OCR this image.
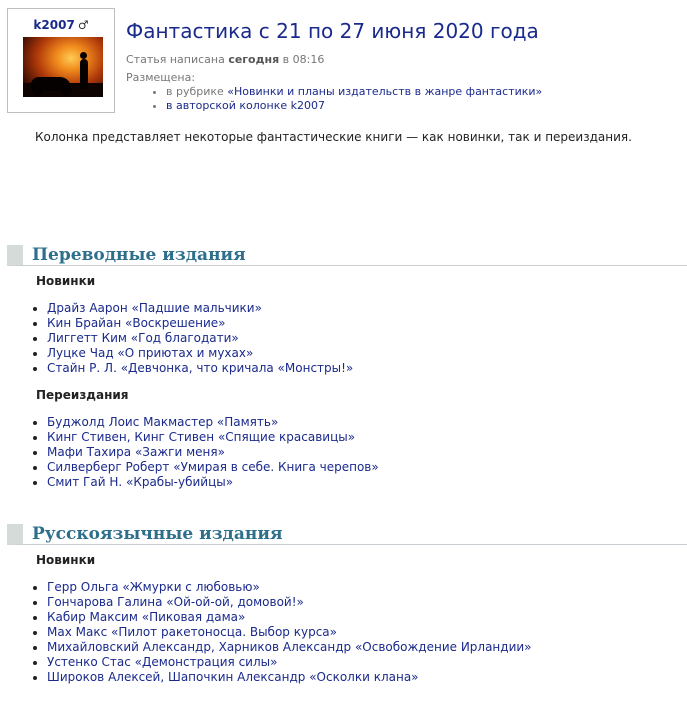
k2007 ♂	Фантастика с 21 по 27 июня 2020 года
Статья написана сегодня в 08:16
Размещена:
• в рубрике «Новинки и планы издательств в жанре фантастики»
• в авторской колонке k2007

Колонка представляет некоторые фантастические книги — как новинки, так и переиздания.

Переводные издания

Новинки

• Драйз Аарон «Падшие мальчики»
• Кин Брайан «Воскрешение»
• Лиггетт Ким «Год благодати»
• Луцке Чад «О приютах и мухах»
• Стайн Р. Л. «Девчонка, что кричала «Монстры!»

Переиздания

• Буджолд Лоис Макмастер «Память»
• Кинг Стивен, Кинг Стивен «Спящие красавицы»
• Мафи Тахира «Зажги меня»
• Силверберг Роберт «Умирая в себе. Книга черепов»
• Смит Гай Н. «Крабы-убийцы»
Русскоязычные издания

Новинки

• Герр Ольга «Жмурки с любовью»
• Гончарова Галина «Ой-ой-ой, домовой!»
• Кабир Максим «Пиковая дама»
• Мах Макс «Пилот ракетоносца. Выбор курса»
• Михайловский Александр, Харников Александр «Освобождение Ирландии»
• Устенко Стас «Демонстрация силы»
• Широков Алексей, Шапочкин Александр «Осколки клана»
